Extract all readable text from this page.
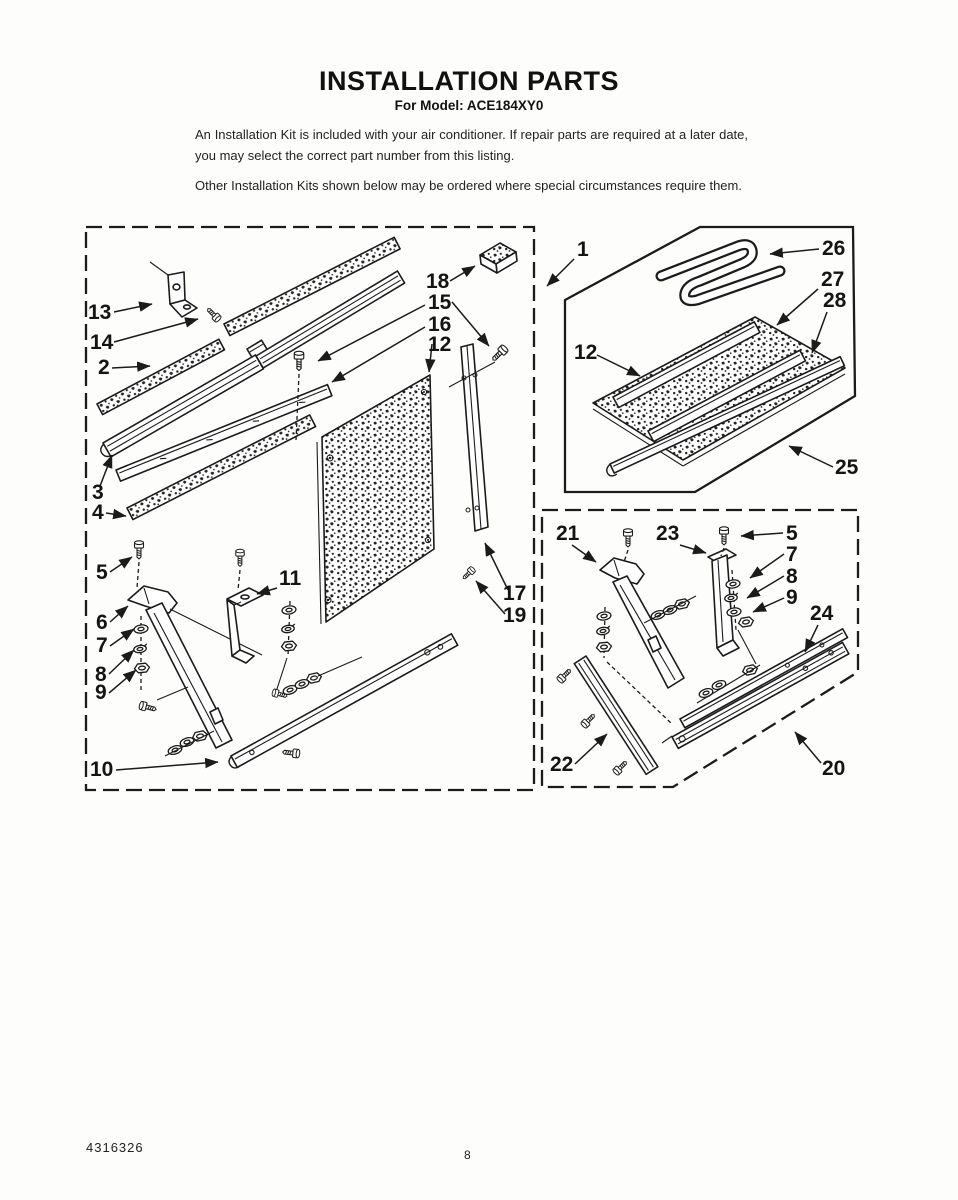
INSTALLATION PARTS
For Model: ACE184XY0

An Installation Kit is included with your air conditioner. If repair parts are required at a later date, you may select the correct part number from this listing.

Other Installation Kits shown below may be ordered where special circumstances require them.

13
14
2
3
4
5
6
7
8
9
10
11
18
15
16
12
17
19
1	26
27
28
12
25
21	23	5
7
8
9
24
22	20
4316326	8
